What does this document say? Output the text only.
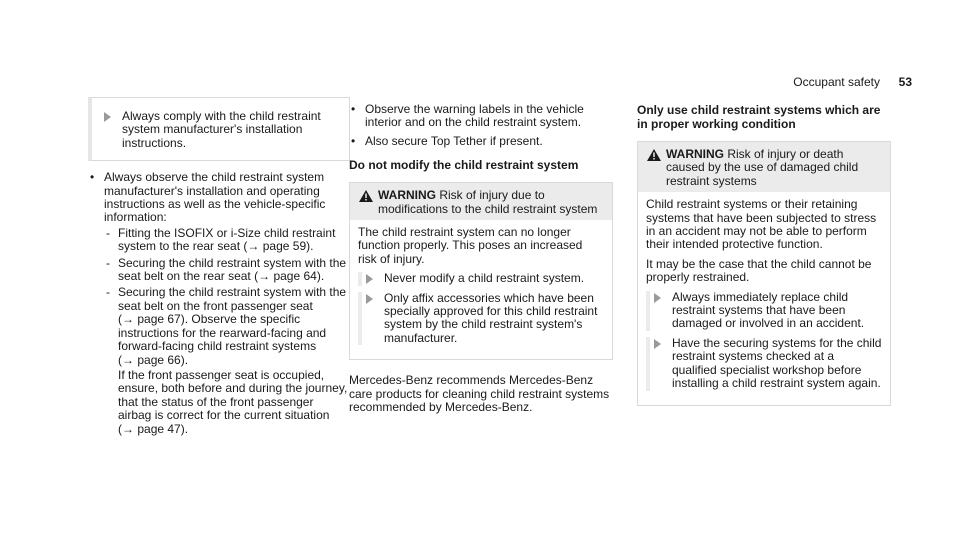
Occupant safety 53
Always comply with the child restraint system manufacturer's installation instructions.
• Always observe the child restraint system manufacturer's installation and operating instructions as well as the vehicle-specific information:
- Fitting the ISOFIX or i-Size child restraint system to the rear seat (→ page 59).
- Securing the child restraint system with the seat belt on the rear seat (→ page 64).
- Securing the child restraint system with the seat belt on the front passenger seat (→ page 67). Observe the specific instructions for the rearward-facing and forward-facing child restraint systems (→ page 66).
If the front passenger seat is occupied, ensure, both before and during the journey, that the status of the front passenger airbag is correct for the current situation (→ page 47).
• Observe the warning labels in the vehicle interior and on the child restraint system.
• Also secure Top Tether if present.
Do not modify the child restraint system
WARNING Risk of injury due to modifications to the child restraint system

The child restraint system can no longer function properly. This poses an increased risk of injury.

Never modify a child restraint system.
Only affix accessories which have been specially approved for this child restraint system by the child restraint system's manufacturer.

Mercedes-Benz recommends Mercedes-Benz care products for cleaning child restraint systems recommended by Mercedes-Benz.

Only use child restraint systems which are in proper working condition
WARNING Risk of injury or death caused by the use of damaged child restraint systems

Child restraint systems or their retaining systems that have been subjected to stress in an accident may not be able to perform their intended protective function.

It may be the case that the child cannot be properly restrained.

Always immediately replace child restraint systems that have been damaged or involved in an accident.
Have the securing systems for the child restraint systems checked at a qualified specialist workshop before installing a child restraint system again.
